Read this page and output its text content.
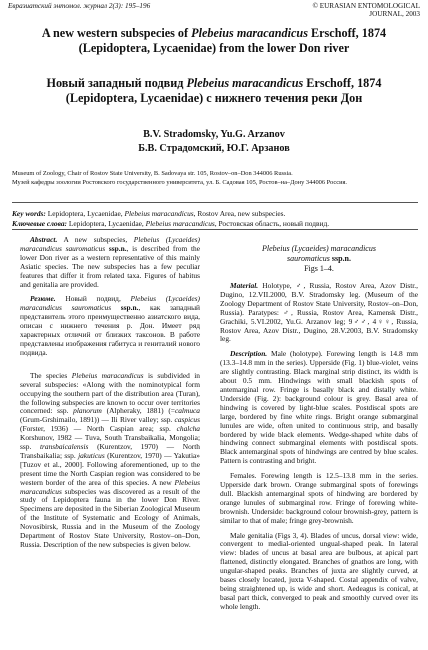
Евразиатский энтомол. журнал 2(3): 195–196	© EURASIAN ENTOMOLOGICAL
JOURNAL, 2003
A new western subspecies of Plebeius maracandicus Erschoff, 1874
(Lepidoptera, Lycaenidae) from the lower Don river
Новый западный подвид Plebeius maracandicus Erschoff, 1874
(Lepidoptera, Lycaenidae) с нижнего течения реки Дон
B.V. Stradomsky, Yu.G. Arzanov
Б.В. Страдомский, Ю.Г. Арзанов
Museum of Zoology, Chair of Rostov State University, B. Sadovaya str. 105, Rostov–on–Don 344006 Russia.
Музей кафедры зоологии Ростовского государственного университета, ул. Б. Садовая 105, Ростов–на–Дону 344006 Россия.
Key words: Lepidoptera, Lycaenidae, Plebeius maracandicus, Rostov Area, new subspecies.
Ключевые слова: Lepidoptera, Lycaenidae, Plebeius maracandicus, Ростовская область, новый подвид.

Abstract. A new subspecies, Plebeius (Lycaeides) maracandicus sauromaticus ssp.n., is described from the lower Don river as a western representative of this mainly Asiatic species. The new subspecies has a few peculiar features that differ it from related taxa. Figures of habitus and genitalia are provided.

Резюме. Новый подвид, Plebeius (Lycaeides) maracandicus sauromaticus ssp.n., как западный представитель этого преимущественно азиатского вида, описан с нижнего течения р. Дон. Имеет ряд характерных отличий от близких таксонов. В работе представлены изображения габитуса и гениталий нового подвида.

The species Plebeius maracandicus is subdivided in several subspecies: «Along with the nominotypical form occupying the southern part of the distribution area (Turan), the following subspecies are known to occur over territories concerned: ssp. planorum (Alpheraky, 1881) (=calmuca (Grum-Grshimailo, 1891)) — Ili River valley; ssp. caspicus (Forster, 1936) — North Caspian area; ssp. chalcha Korshunov, 1982 — Tuva, South Transbaikalia, Mongolia; ssp. transbaicalensis (Kurentzov, 1970) — North Transbaikalia; ssp. jakuticus (Kurentzov, 1970) — Yakutia» [Tuzov et al., 2000]. Following aforementioned, up to the present time the North Caspian region was considered to be western border of the area of this species. A new Plebeius maracandicus subspecies was discovered as a result of the study of Lepidoptera fauna in the lower Don River. Specimens are deposited in the Siberian Zoological Museum of the Institute of Systematic and Ecology of Animals, Novosibirsk, Russia and in the Museum of the Zoology Department of Rostov State University, Rostov–on–Don, Russia. Description of the new subspecies is given below.

Plebeius (Lycaeides) maracandicus
sauromaticus ssp.n.
Figs 1–4.

Material. Holotype, ♂, Russia, Rostov Area, Azov Distr., Dugino, 12.VII.2000, B.V. Stradomsky leg. (Museum of the Zoology Department of Rostov State University, Rostov–on–Don, Russia). Paratypes: ♂, Russia, Rostov Area, Kamensk Distr., Grachiki, 5.VI.2002, Yu.G. Arzanov leg; 9♂♂, 4♀♀, Russia, Rostov Area, Azov Distr., Dugino, 28.V.2003, B.V. Stradomsky leg.

Description. Male (holotype). Forewing length is 14.8 mm (13.3–14.8 mm in the series). Upperside (Fig. 1) blue-violet, veins are slightly contrasting. Black marginal strip distinct, its width is about 0.5 mm. Hindwings with small blackish spots of antemarginal row. Fringe is basally black and distally white. Underside (Fig. 2): background colour is grey. Basal area of hindwing is covered by light-blue scales. Postdiscal spots are large, bordered by fine white rings. Bright orange submarginal lunules are wide, often united to continuous strip, and basally bordered by wide black elements. Wedge-shaped white dabs of hindwing connect submarginal elements with postdiscal spots. Black antemarginal spots of hindwings are centred by blue scales. Pattern is contrasting and bright.

Females. Forewing length is 12.5–13.8 mm in the series. Upperside dark brown. Orange submarginal spots of forewings dull. Blackish antemarginal spots of hindwing are bordered by orange lunules of submarginal row. Fringe of forewing white-brownish. Underside: background colour brownish-grey, pattern is similar to that of male; fringe grey-brownish.

Male genitalia (Figs 3, 4). Blades of uncus, dorsal view: wide, convergent to medial-oriented ungual-shaped peak. In lateral view: blades of uncus at basal area are bulbous, at apical part flattened, distinctly elongated. Branches of gnathos are long, with ungular-shaped peaks. Branches of juxta are slightly curved, at bases closely located, juxta V-shaped. Costal appendix of valve, being straightened up, is wide and short. Aedeagus is conical, at basal part thick, converged to peak and smoothly curved over its whole length.
